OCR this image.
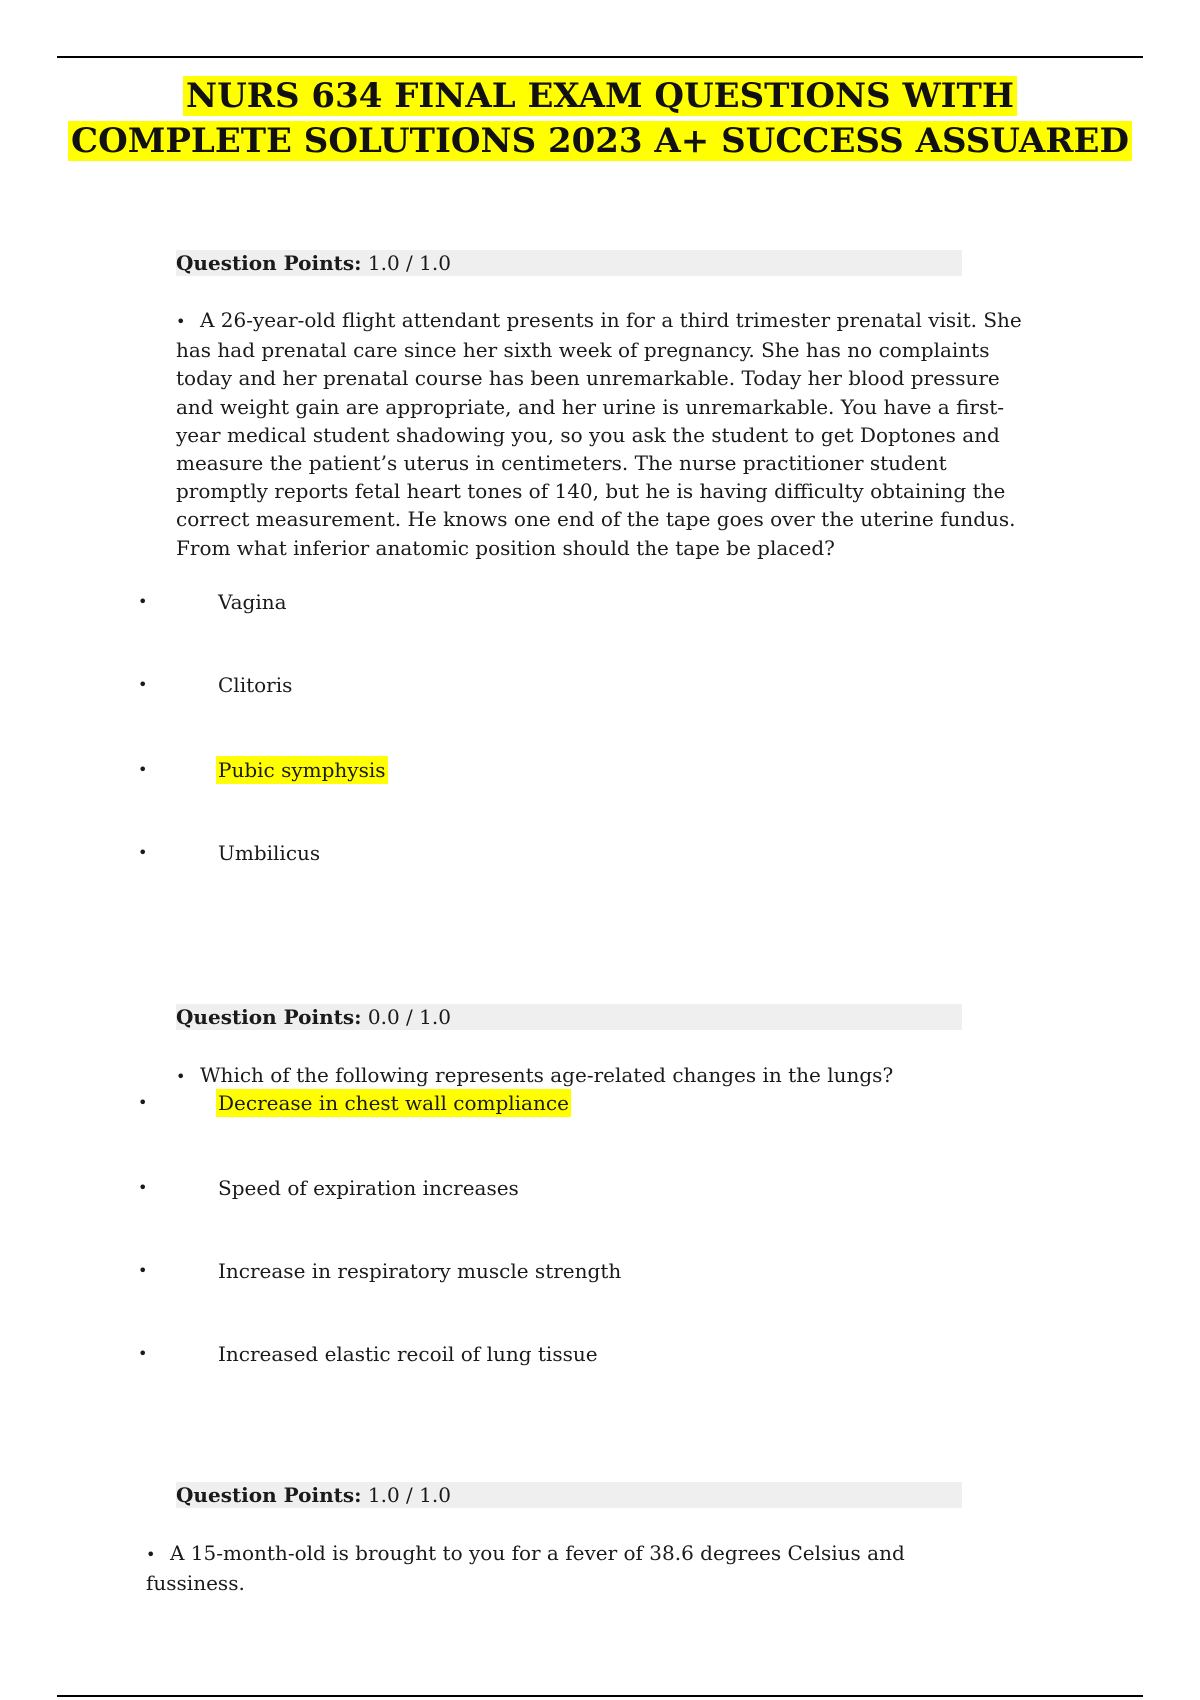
NURS 634 FINAL EXAM QUESTIONS WITH
COMPLETE SOLUTIONS 2023 A+ SUCCESS ASSUARED
Question Points: 1.0 / 1.0
• A 26-year-old flight attendant presents in for a third trimester prenatal visit. She has had prenatal care since her sixth week of pregnancy. She has no complaints today and her prenatal course has been unremarkable. Today her blood pressure and weight gain are appropriate, and her urine is unremarkable. You have a first- year medical student shadowing you, so you ask the student to get Doptones and measure the patient’s uterus in centimeters. The nurse practitioner student promptly reports fetal heart tones of 140, but he is having difficulty obtaining the correct measurement. He knows one end of the tape goes over the uterine fundus. From what inferior anatomic position should the tape be placed?
•	Vagina
•	Clitoris
•	Pubic symphysis
•	Umbilicus
Question Points: 0.0 / 1.0
• Which of the following represents age-related changes in the lungs?
•	Decrease in chest wall compliance
•	Speed of expiration increases
•	Increase in respiratory muscle strength
•	Increased elastic recoil of lung tissue
Question Points: 1.0 / 1.0
• A 15-month-old is brought to you for a fever of 38.6 degrees Celsius and fussiness.
